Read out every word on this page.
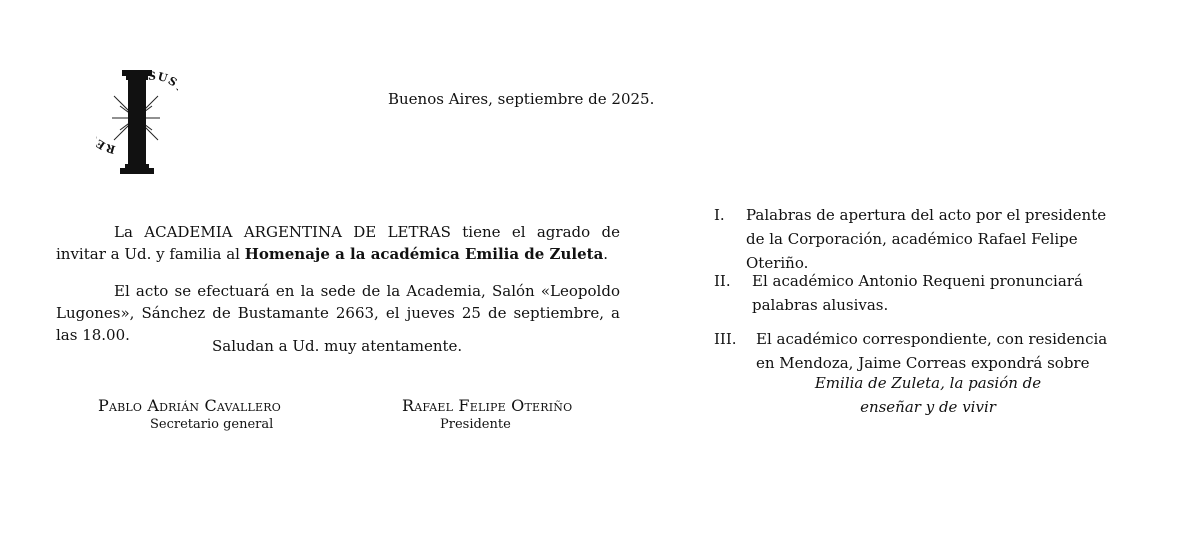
R
SU
Buenos Aires, septiembre de 2025.
La ACADEMIA ARGENTINA DE LETRAS tiene el agrado de invitar a Ud. y familia al Homenaje a la académica Emilia de Zuleta.
El acto se efectuará en la sede de la Academia, Salón «Leopoldo Lugones», Sánchez de Bustamante 2663, el jueves 25 de septiembre, a las 18.00.
Saludan a Ud. muy atentamente.
Pablo Adrián Cavallero
Secretario general
Rafael Felipe Oteriño
Presidente
I. Palabras de apertura del acto por el presidente de la Corporación, académico Rafael Felipe Oteriño.
II. El académico Antonio Requeni pronunciará palabras alusivas.
III. El académico correspondiente, con residencia en Mendoza, Jaime Correas expondrá sobre
Emilia de Zuleta, la pasión de
enseñar y de vivir
